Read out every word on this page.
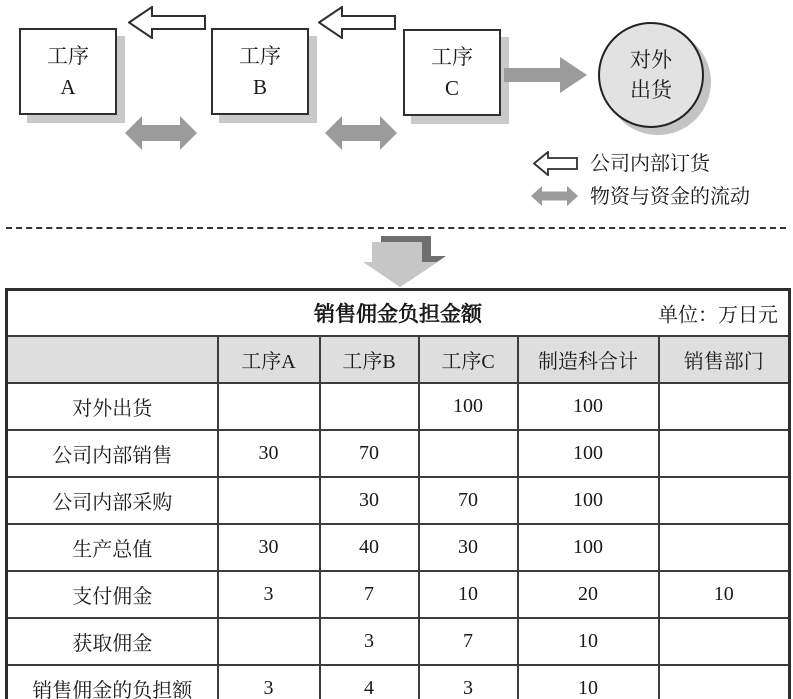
工序
A
工序
B
工序
C
对外
出货
公司内部订货
物资与资金的流动
销售佣金负担金额 单位：万日元					

	工序A	工序B	工序C	制造科合计	销售部门
对外出货			100	100	
公司内部销售	30	70		100	
公司内部采购		30	70	100	
生产总值	30	40	30	100	
支付佣金	3	7	10	20	10
获取佣金		3	7	10	
销售佣金的负担额	3	4	3	10	
